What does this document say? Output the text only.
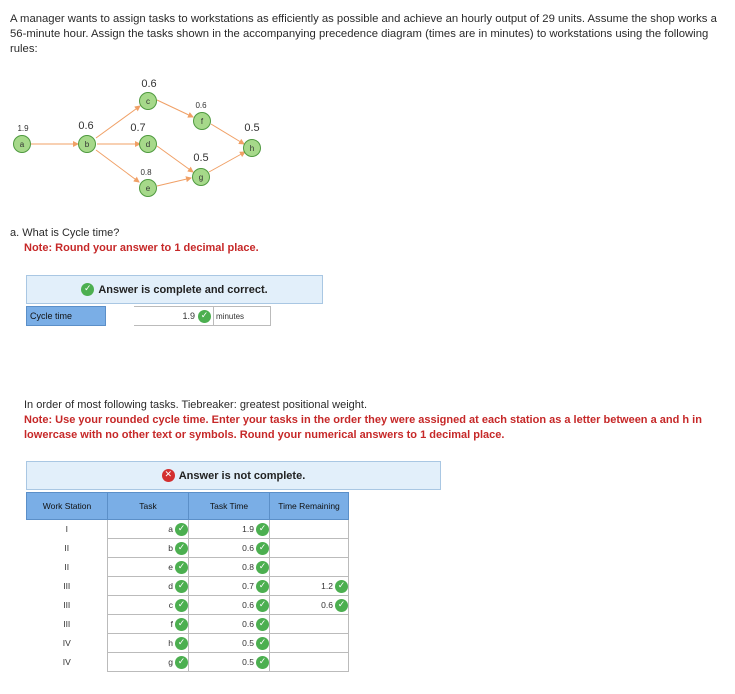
A manager wants to assign tasks to workstations as efficiently as possible and achieve an hourly output of 29 units. Assume the shop works a 56-minute hour. Assign the tasks shown in the accompanying precedence diagram (times are in minutes) to workstations using the following rules:
a
1.9
b
0.6
c
0.6
d
0.7
e
0.8
f
0.6
g
0.5
h
0.5
a. What is Cycle time?
Note: Round your answer to 1 decimal place.
✓ Answer is complete and correct.
Cycle time	1.9 ✓ minutes
In order of most following tasks. Tiebreaker: greatest positional weight.
Note: Use your rounded cycle time. Enter your tasks in the order they were assigned at each station as a letter between a and h in lowercase with no other text or symbols. Round your numerical answers to 1 decimal place.
✕ Answer is not complete.
Work Station	Task	Task Time	Time Remaining
I	a ✓	1.9 ✓	
II	b ✓	0.6 ✓	
II	e ✓	0.8 ✓	
III	d ✓	0.7 ✓	1.2 ✓
III	c ✓	0.6 ✓	0.6 ✓
III	f ✓	0.6 ✓	
IV	h ✓	0.5 ✓	
IV	g ✓	0.5 ✓	
